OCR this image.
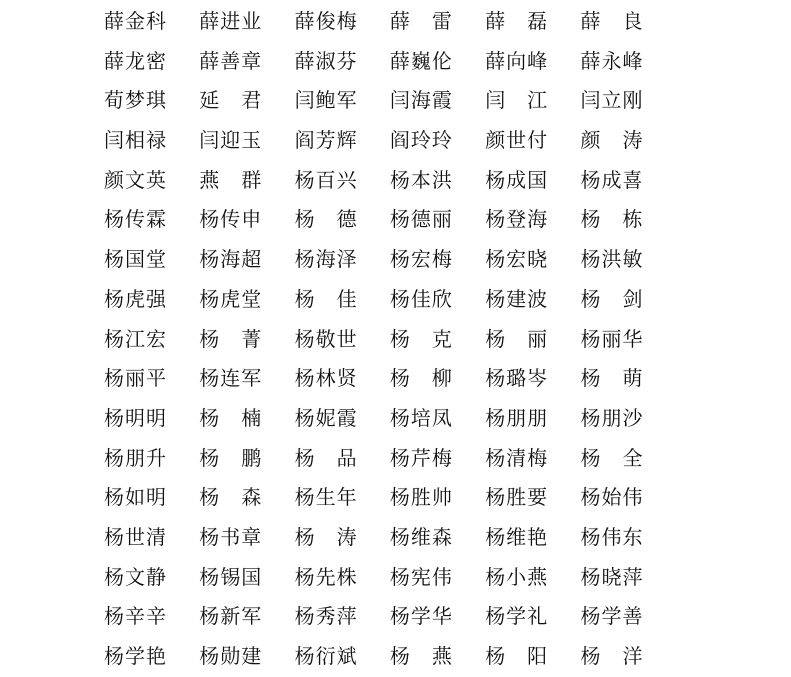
薛金科	薛进业	薛俊梅	薛　雷	薛　磊	薛　良
薛龙密	薛善章	薛淑芬	薛巍伦	薛向峰	薛永峰
荀梦琪	延　君	闫鲍军	闫海霞	闫　江	闫立刚
闫相禄	闫迎玉	阎芳辉	阎玲玲	颜世付	颜　涛
颜文英	燕　群	杨百兴	杨本洪	杨成国	杨成喜
杨传霖	杨传申	杨　德	杨德丽	杨登海	杨　栋
杨国堂	杨海超	杨海泽	杨宏梅	杨宏晓	杨洪敏
杨虎强	杨虎堂	杨　佳	杨佳欣	杨建波	杨　剑
杨江宏	杨　菁	杨敬世	杨　克	杨　丽	杨丽华
杨丽平	杨连军	杨林贤	杨　柳	杨璐岑	杨　萌
杨明明	杨　楠	杨妮霞	杨培凤	杨朋朋	杨朋沙
杨朋升	杨　鹏	杨　品	杨芹梅	杨清梅	杨　全
杨如明	杨　森	杨生年	杨胜帅	杨胜要	杨始伟
杨世清	杨书章	杨　涛	杨维森	杨维艳	杨伟东
杨文静	杨锡国	杨先株	杨宪伟	杨小燕	杨晓萍
杨辛辛	杨新军	杨秀萍	杨学华	杨学礼	杨学善
杨学艳	杨勋建	杨衍斌	杨　燕	杨　阳	杨　洋
